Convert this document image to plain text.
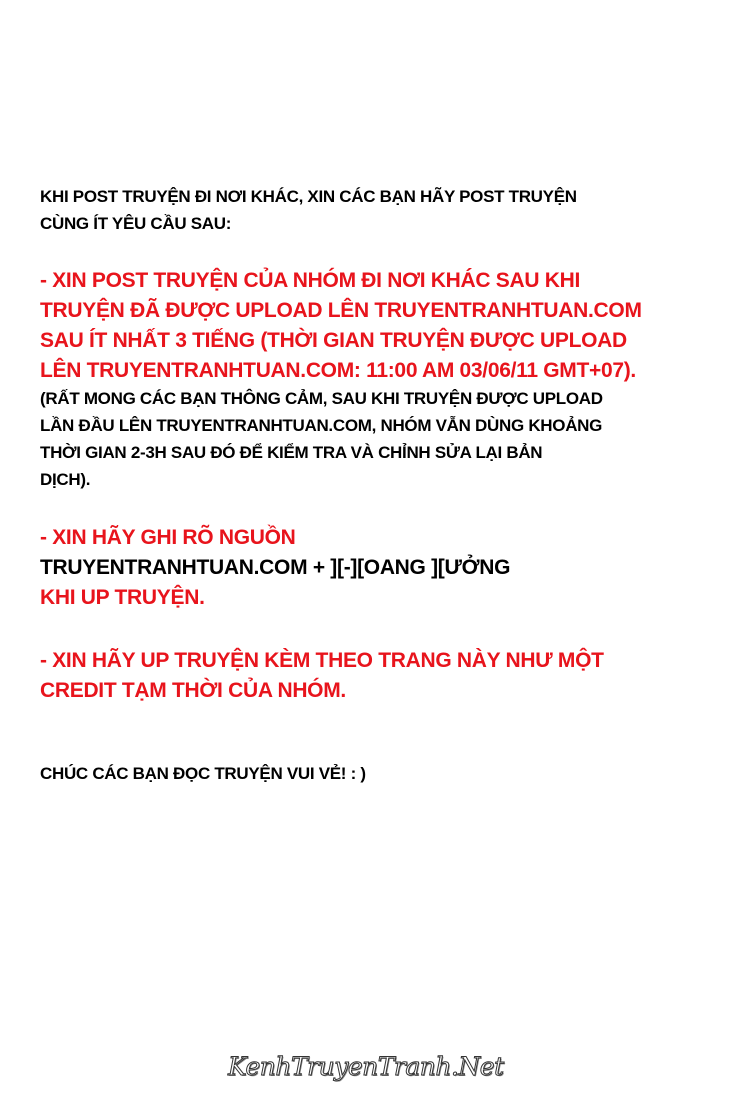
KHI POST TRUYỆN ĐI NƠI KHÁC, XIN CÁC BẠN HÃY POST TRUYỆN
CÙNG ÍT YÊU CẦU SAU:

- XIN POST TRUYỆN CỦA NHÓM ĐI NƠI KHÁC SAU KHI
TRUYỆN ĐÃ ĐƯỢC UPLOAD LÊN TRUYENTRANHTUAN.COM
SAU ÍT NHẤT 3 TIẾNG (THỜI GIAN TRUYỆN ĐƯỢC UPLOAD
LÊN TRUYENTRANHTUAN.COM: 11:00 AM 03/06/11 GMT+07).

(RẤT MONG CÁC BẠN THÔNG CẢM, SAU KHI TRUYỆN ĐƯỢC UPLOAD
LẦN ĐẦU LÊN TRUYENTRANHTUAN.COM, NHÓM VẪN DÙNG KHOẢNG
THỜI GIAN 2-3H SAU ĐÓ ĐỂ KIỂM TRA VÀ CHỈNH SỬA LẠI BẢN
DỊCH).

- XIN HÃY GHI RÕ NGUỒN
TRUYENTRANHTUAN.COM + ][-][OANG ][ƯỞNG
KHI UP TRUYỆN.

- XIN HÃY UP TRUYỆN KÈM THEO TRANG NÀY NHƯ MỘT
CREDIT TẠM THỜI CỦA NHÓM.

CHÚC CÁC BẠN ĐỌC TRUYỆN VUI VẺ! : )

KenhTruyenTranh.Net
